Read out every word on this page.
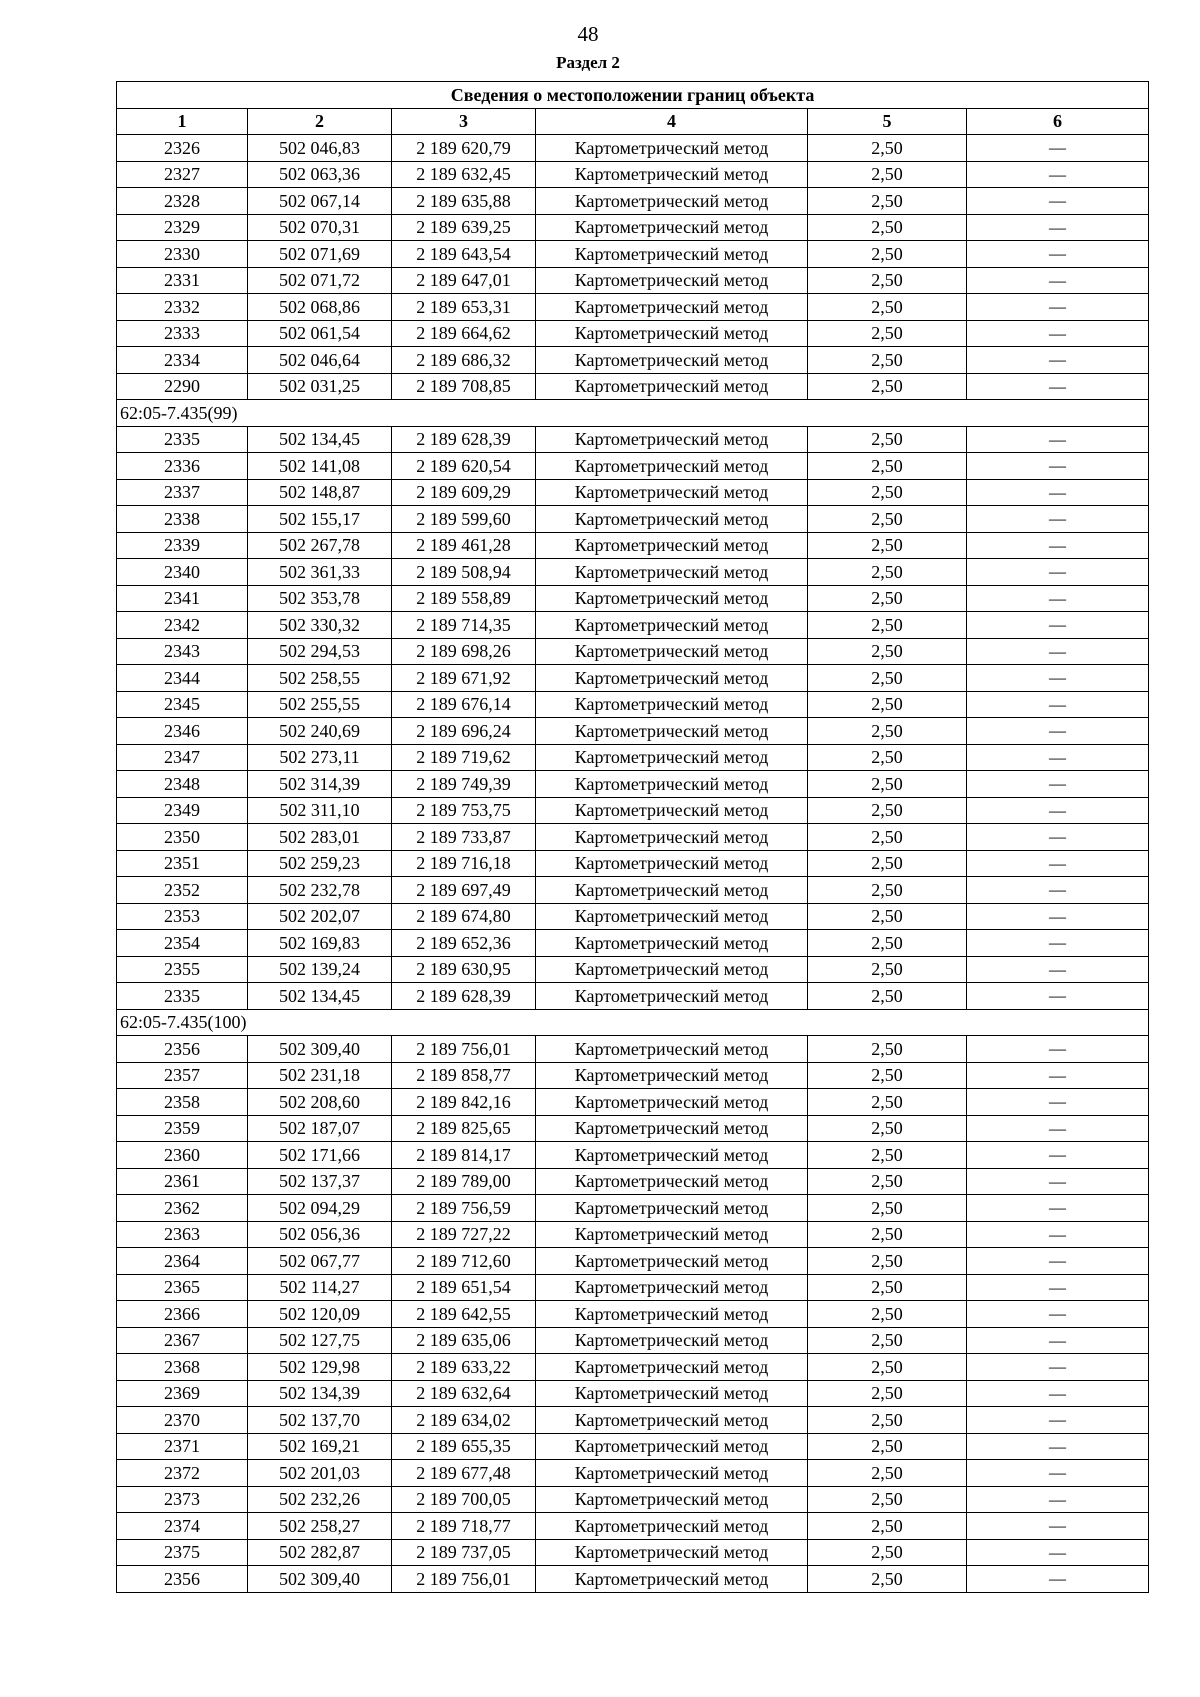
48
Раздел 2
Сведения о местоположении границ объекта					
1	2	3	4	5	6
2326	502 046,83	2 189 620,79	Картометрический метод	2,50	—
2327	502 063,36	2 189 632,45	Картометрический метод	2,50	—
2328	502 067,14	2 189 635,88	Картометрический метод	2,50	—
2329	502 070,31	2 189 639,25	Картометрический метод	2,50	—
2330	502 071,69	2 189 643,54	Картометрический метод	2,50	—
2331	502 071,72	2 189 647,01	Картометрический метод	2,50	—
2332	502 068,86	2 189 653,31	Картометрический метод	2,50	—
2333	502 061,54	2 189 664,62	Картометрический метод	2,50	—
2334	502 046,64	2 189 686,32	Картометрический метод	2,50	—
2290	502 031,25	2 189 708,85	Картометрический метод	2,50	—
62:05-7.435(99)					
2335	502 134,45	2 189 628,39	Картометрический метод	2,50	—
2336	502 141,08	2 189 620,54	Картометрический метод	2,50	—
2337	502 148,87	2 189 609,29	Картометрический метод	2,50	—
2338	502 155,17	2 189 599,60	Картометрический метод	2,50	—
2339	502 267,78	2 189 461,28	Картометрический метод	2,50	—
2340	502 361,33	2 189 508,94	Картометрический метод	2,50	—
2341	502 353,78	2 189 558,89	Картометрический метод	2,50	—
2342	502 330,32	2 189 714,35	Картометрический метод	2,50	—
2343	502 294,53	2 189 698,26	Картометрический метод	2,50	—
2344	502 258,55	2 189 671,92	Картометрический метод	2,50	—
2345	502 255,55	2 189 676,14	Картометрический метод	2,50	—
2346	502 240,69	2 189 696,24	Картометрический метод	2,50	—
2347	502 273,11	2 189 719,62	Картометрический метод	2,50	—
2348	502 314,39	2 189 749,39	Картометрический метод	2,50	—
2349	502 311,10	2 189 753,75	Картометрический метод	2,50	—
2350	502 283,01	2 189 733,87	Картометрический метод	2,50	—
2351	502 259,23	2 189 716,18	Картометрический метод	2,50	—
2352	502 232,78	2 189 697,49	Картометрический метод	2,50	—
2353	502 202,07	2 189 674,80	Картометрический метод	2,50	—
2354	502 169,83	2 189 652,36	Картометрический метод	2,50	—
2355	502 139,24	2 189 630,95	Картометрический метод	2,50	—
2335	502 134,45	2 189 628,39	Картометрический метод	2,50	—
62:05-7.435(100)					
2356	502 309,40	2 189 756,01	Картометрический метод	2,50	—
2357	502 231,18	2 189 858,77	Картометрический метод	2,50	—
2358	502 208,60	2 189 842,16	Картометрический метод	2,50	—
2359	502 187,07	2 189 825,65	Картометрический метод	2,50	—
2360	502 171,66	2 189 814,17	Картометрический метод	2,50	—
2361	502 137,37	2 189 789,00	Картометрический метод	2,50	—
2362	502 094,29	2 189 756,59	Картометрический метод	2,50	—
2363	502 056,36	2 189 727,22	Картометрический метод	2,50	—
2364	502 067,77	2 189 712,60	Картометрический метод	2,50	—
2365	502 114,27	2 189 651,54	Картометрический метод	2,50	—
2366	502 120,09	2 189 642,55	Картометрический метод	2,50	—
2367	502 127,75	2 189 635,06	Картометрический метод	2,50	—
2368	502 129,98	2 189 633,22	Картометрический метод	2,50	—
2369	502 134,39	2 189 632,64	Картометрический метод	2,50	—
2370	502 137,70	2 189 634,02	Картометрический метод	2,50	—
2371	502 169,21	2 189 655,35	Картометрический метод	2,50	—
2372	502 201,03	2 189 677,48	Картометрический метод	2,50	—
2373	502 232,26	2 189 700,05	Картометрический метод	2,50	—
2374	502 258,27	2 189 718,77	Картометрический метод	2,50	—
2375	502 282,87	2 189 737,05	Картометрический метод	2,50	—
2356	502 309,40	2 189 756,01	Картометрический метод	2,50	—
